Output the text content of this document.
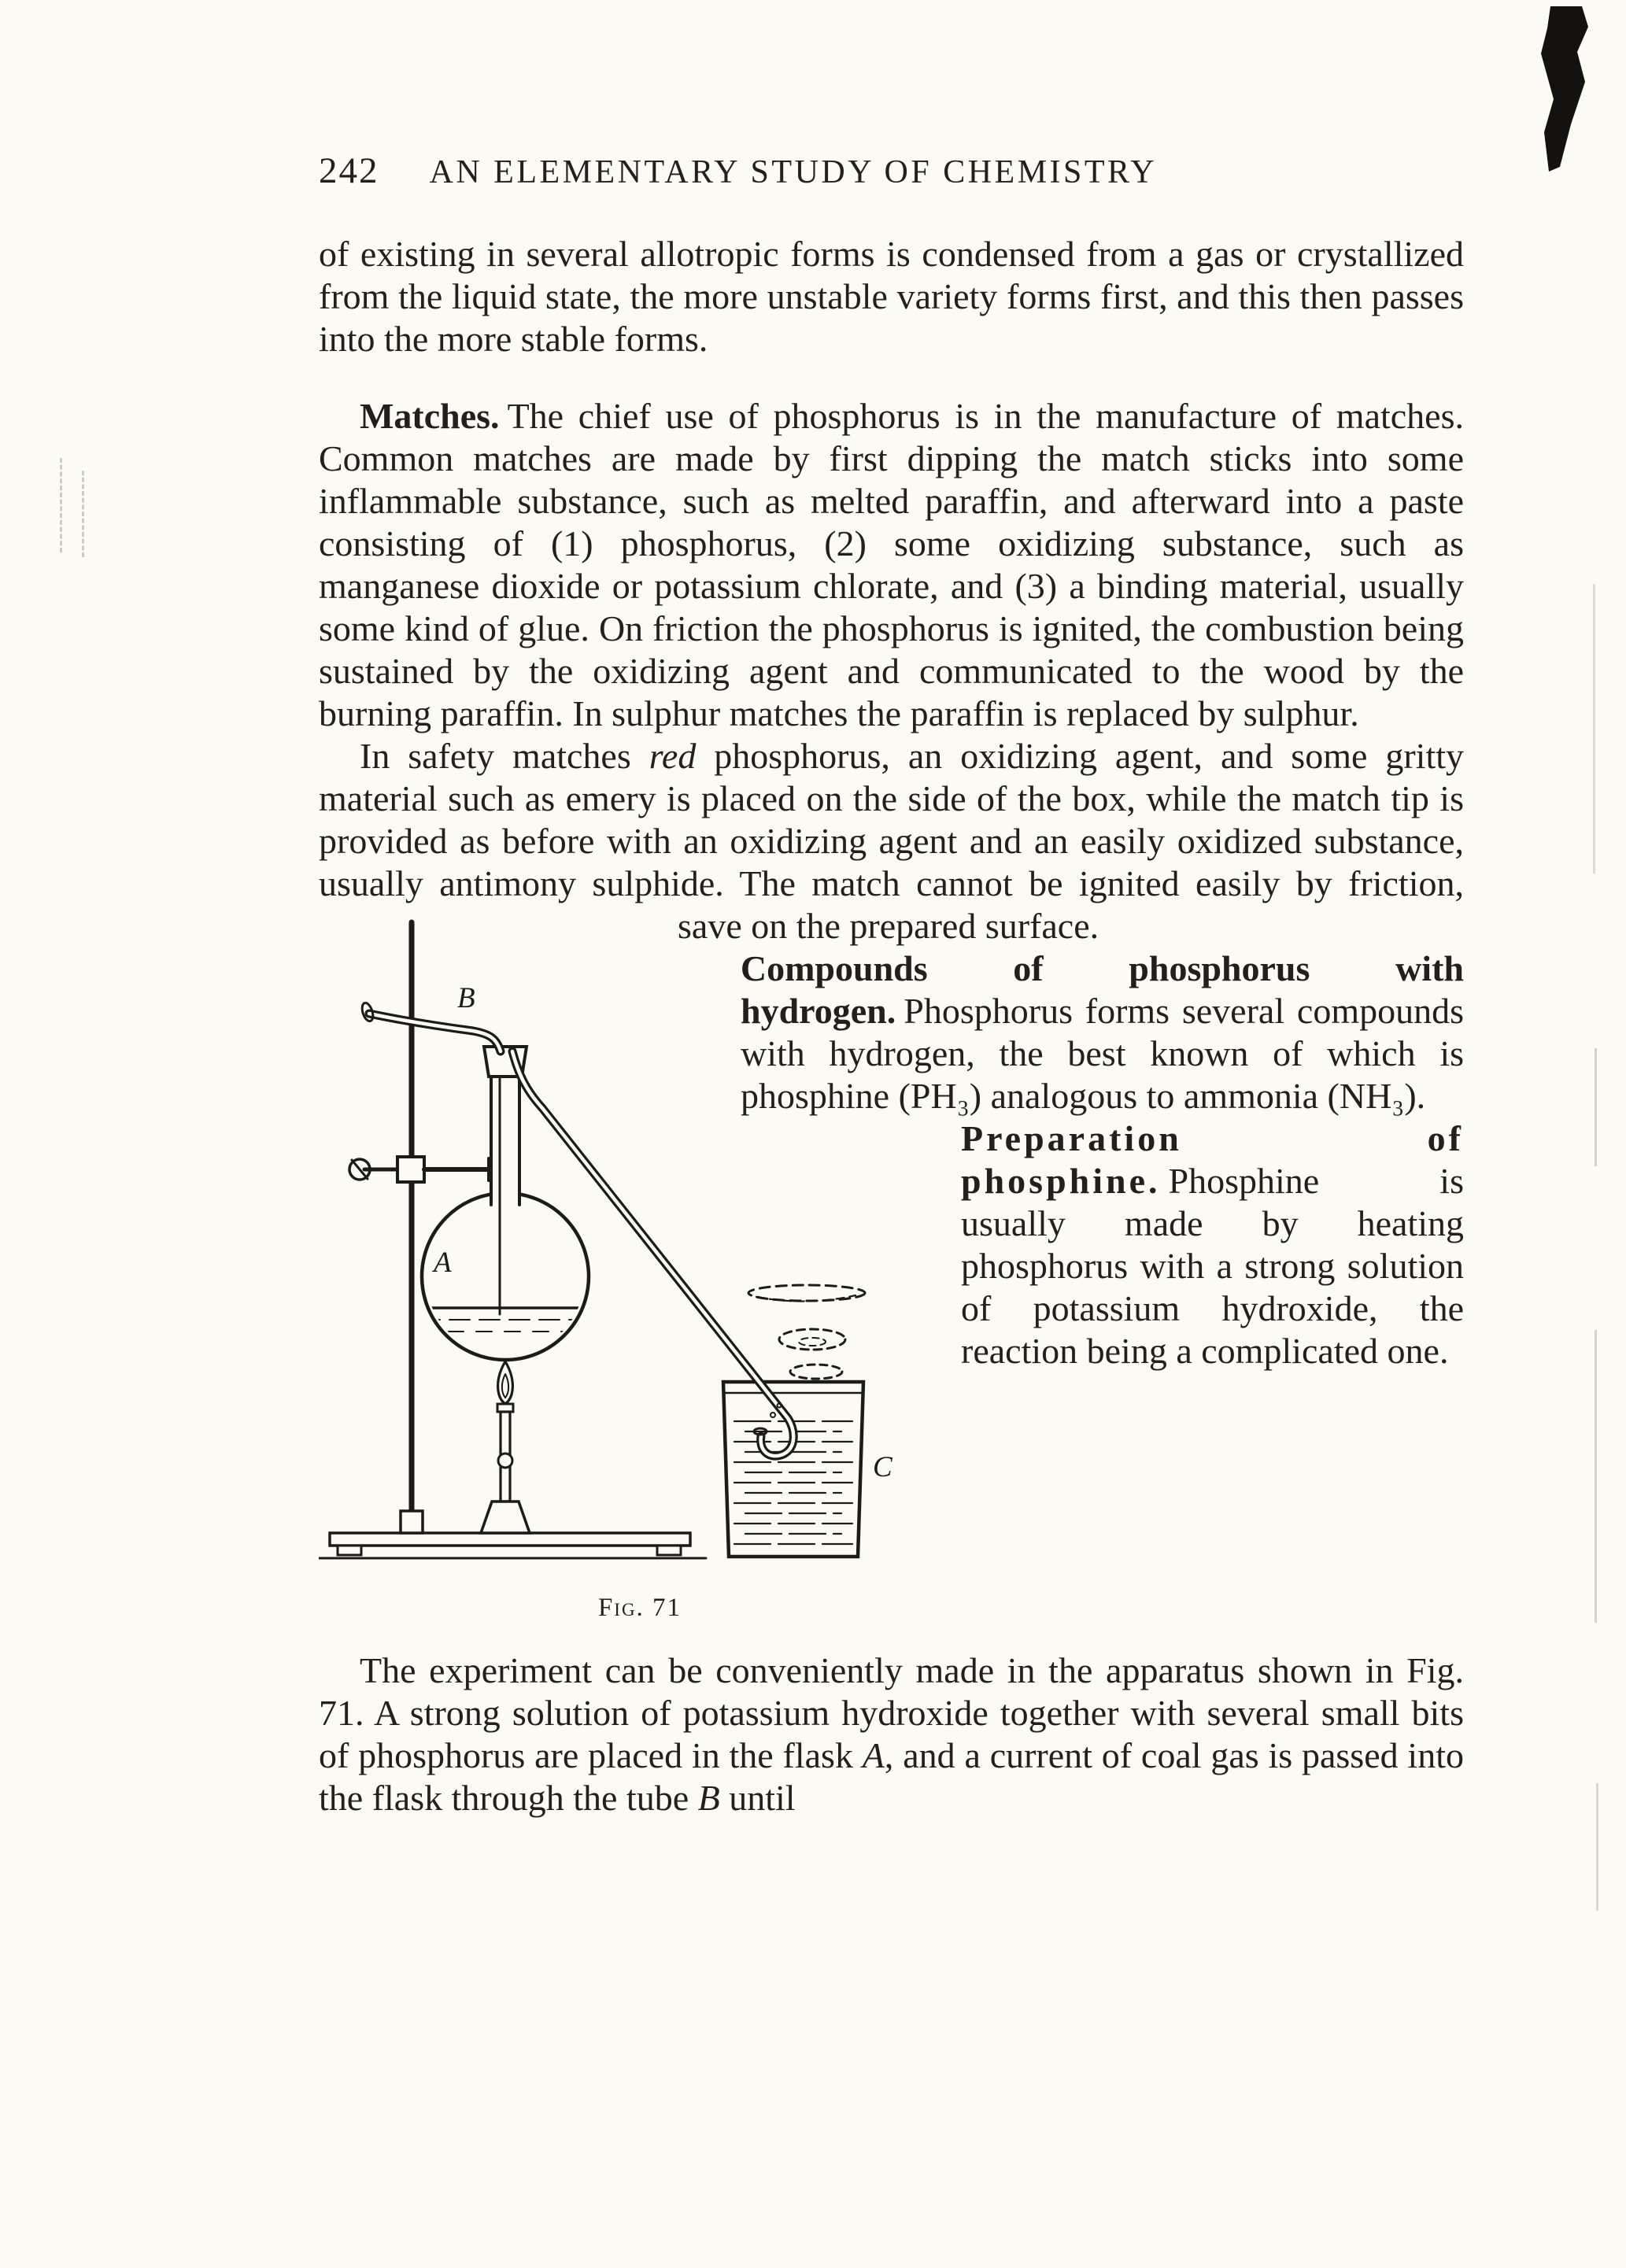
242 AN ELEMENTARY STUDY OF CHEMISTRY
of existing in several allotropic forms is condensed from a gas or crystallized from the liquid state, the more unstable variety forms first, and this then passes into the more stable forms.
Matches. The chief use of phosphorus is in the manufacture of matches. Common matches are made by first dipping the match sticks into some inflammable substance, such as melted paraffin, and afterward into a paste consisting of (1) phosphorus, (2) some oxidizing substance, such as manganese dioxide or potassium chlorate, and (3) a binding material, usually some kind of glue. On friction the phosphorus is ignited, the combustion being sustained by the oxidizing agent and communicated to the wood by the burning paraffin. In sulphur matches the paraffin is replaced by sulphur.
In safety matches red phosphorus, an oxidizing agent, and some gritty material such as emery is placed on the side of the box, while the match tip is provided as before with an oxidizing agent and an easily oxidized substance, usually antimony sulphide. The match
B
A
C
Fig. 71
cannot be ignited easily by friction, save on the prepared surface.
Compounds of phosphorus with hydrogen. Phosphorus forms several compounds with hydrogen, the best known of which is phosphine (PH₃) analogous to ammonia (NH₃).
Preparation of phosphine. Phosphine is usually made by heating phosphorus with a strong solution of potassium hydroxide, the reaction being a complicated one.
The experiment can be conveniently made in the apparatus shown in Fig. 71. A strong solution of potassium hydroxide together with several small bits of phosphorus are placed in the flask A, and a current of coal gas is passed into the flask through the tube B until
